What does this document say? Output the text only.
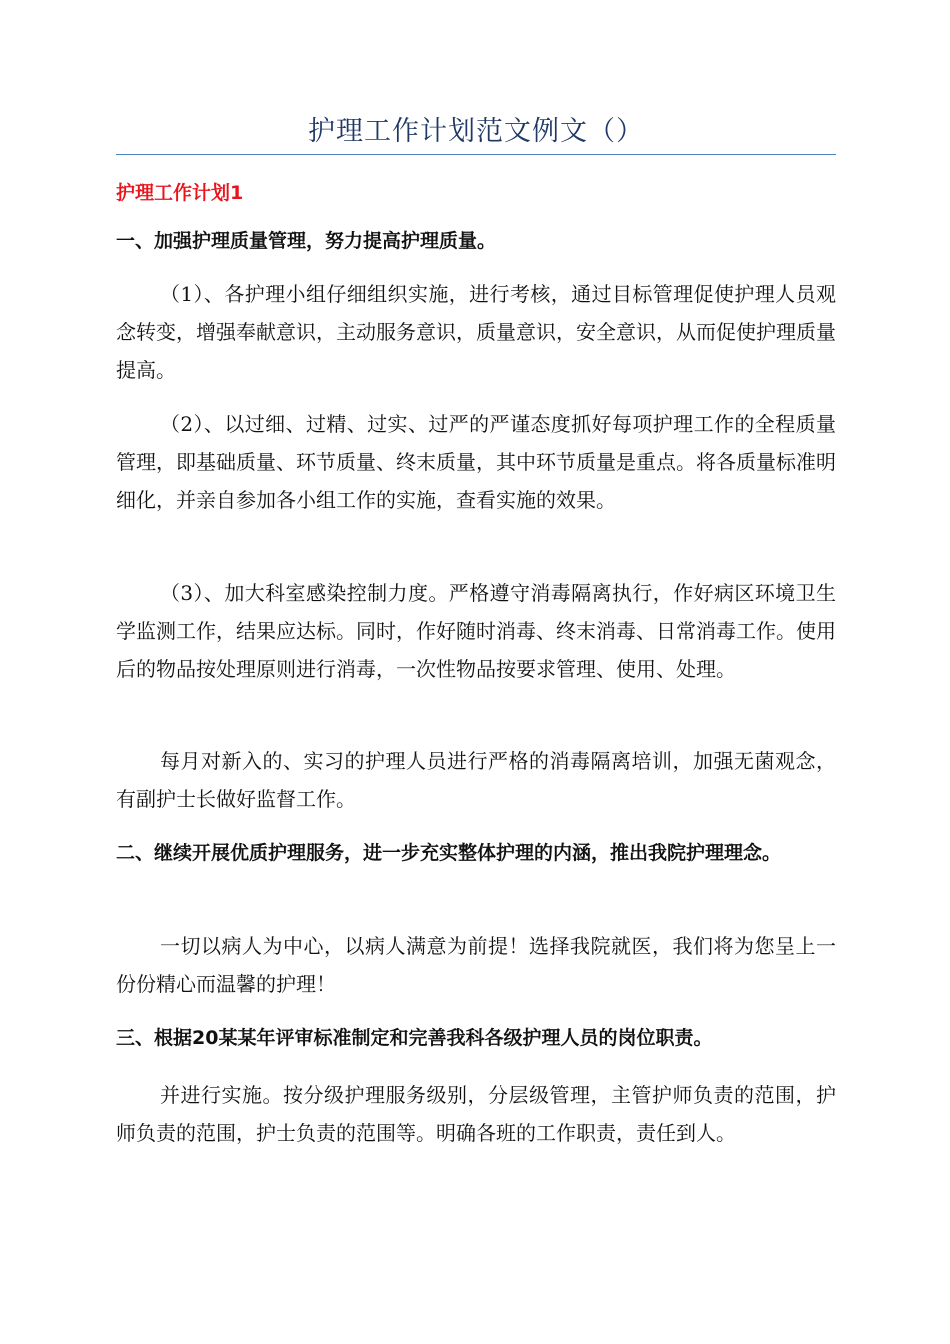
护理工作计划范文例文（）
护理工作计划1
一、加强护理质量管理，努力提高护理质量。

（1）、各护理小组仔细组织实施，进行考核，通过目标管理促使护理人员观念转变，增强奉献意识，主动服务意识，质量意识，安全意识，从而促使护理质量提高。

（2）、以过细、过精、过实、过严的严谨态度抓好每项护理工作的全程质量管理，即基础质量、环节质量、终末质量，其中环节质量是重点。将各质量标准明细化，并亲自参加各小组工作的实施，查看实施的效果。

（3）、加大科室感染控制力度。严格遵守消毒隔离执行，作好病区环境卫生学监测工作，结果应达标。同时，作好随时消毒、终末消毒、日常消毒工作。使用后的物品按处理原则进行消毒，一次性物品按要求管理、使用、处理。

每月对新入的、实习的护理人员进行严格的消毒隔离培训，加强无菌观念，有副护士长做好监督工作。

二、继续开展优质护理服务，进一步充实整体护理的内涵，推出我院护理理念。

一切以病人为中心，以病人满意为前提！选择我院就医，我们将为您呈上一份份精心而温馨的护理！

三、根据20某某年评审标准制定和完善我科各级护理人员的岗位职责。

并进行实施。按分级护理服务级别，分层级管理，主管护师负责的范围，护师负责的范围，护士负责的范围等。明确各班的工作职责，责任到人。
